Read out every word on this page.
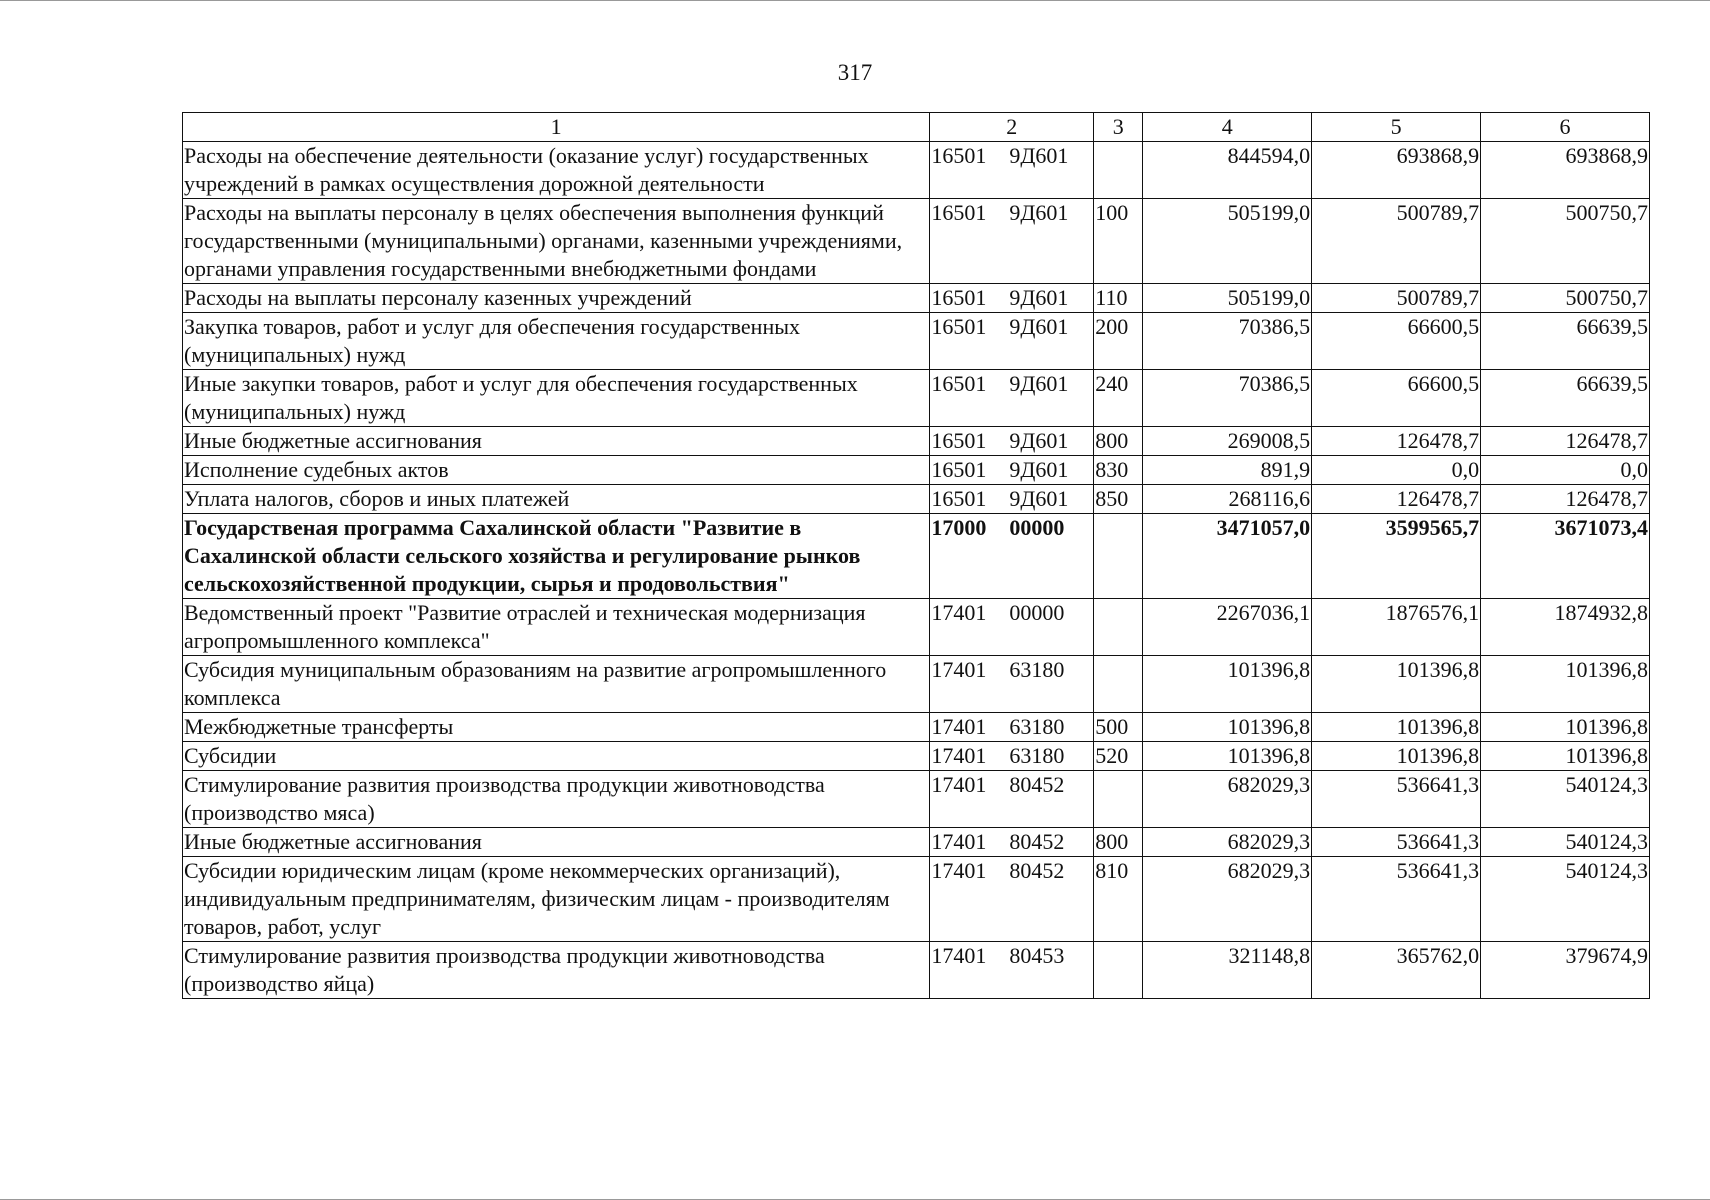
317
1	2	3	4	5	6
Расходы на обеспечение деятельности (оказание услуг) государственных учреждений в рамках осуществления дорожной деятельности	16501 9Д601		844594,0	693868,9	693868,9
Расходы на выплаты персоналу в целях обеспечения выполнения функций государственными (муниципальными) органами, казенными учреждениями, органами управления государственными внебюджетными фондами	16501 9Д601	100	505199,0	500789,7	500750,7
Расходы на выплаты персоналу казенных учреждений	16501 9Д601	110	505199,0	500789,7	500750,7
Закупка товаров, работ и услуг для обеспечения государственных (муниципальных) нужд	16501 9Д601	200	70386,5	66600,5	66639,5
Иные закупки товаров, работ и услуг для обеспечения государственных (муниципальных) нужд	16501 9Д601	240	70386,5	66600,5	66639,5
Иные бюджетные ассигнования	16501 9Д601	800	269008,5	126478,7	126478,7
Исполнение судебных актов	16501 9Д601	830	891,9	0,0	0,0
Уплата налогов, сборов и иных платежей	16501 9Д601	850	268116,6	126478,7	126478,7
Государственая программа Сахалинской области "Развитие в Сахалинской области сельского хозяйства и регулирование рынков сельскохозяйственной продукции, сырья и продовольствия"	17000 00000		3471057,0	3599565,7	3671073,4
Ведомственный проект "Развитие отраслей и техническая модернизация агропромышленного комплекса"	17401 00000		2267036,1	1876576,1	1874932,8
Субсидия муниципальным образованиям на развитие агропромышленного комплекса	17401 63180		101396,8	101396,8	101396,8
Межбюджетные трансферты	17401 63180	500	101396,8	101396,8	101396,8
Субсидии	17401 63180	520	101396,8	101396,8	101396,8
Стимулирование развития производства продукции животноводства (производство мяса)	17401 80452		682029,3	536641,3	540124,3
Иные бюджетные ассигнования	17401 80452	800	682029,3	536641,3	540124,3
Субсидии юридическим лицам (кроме некоммерческих организаций), индивидуальным предпринимателям, физическим лицам - производителям товаров, работ, услуг	17401 80452	810	682029,3	536641,3	540124,3
Стимулирование развития производства продукции животноводства (производство яйца)	17401 80453		321148,8	365762,0	379674,9
